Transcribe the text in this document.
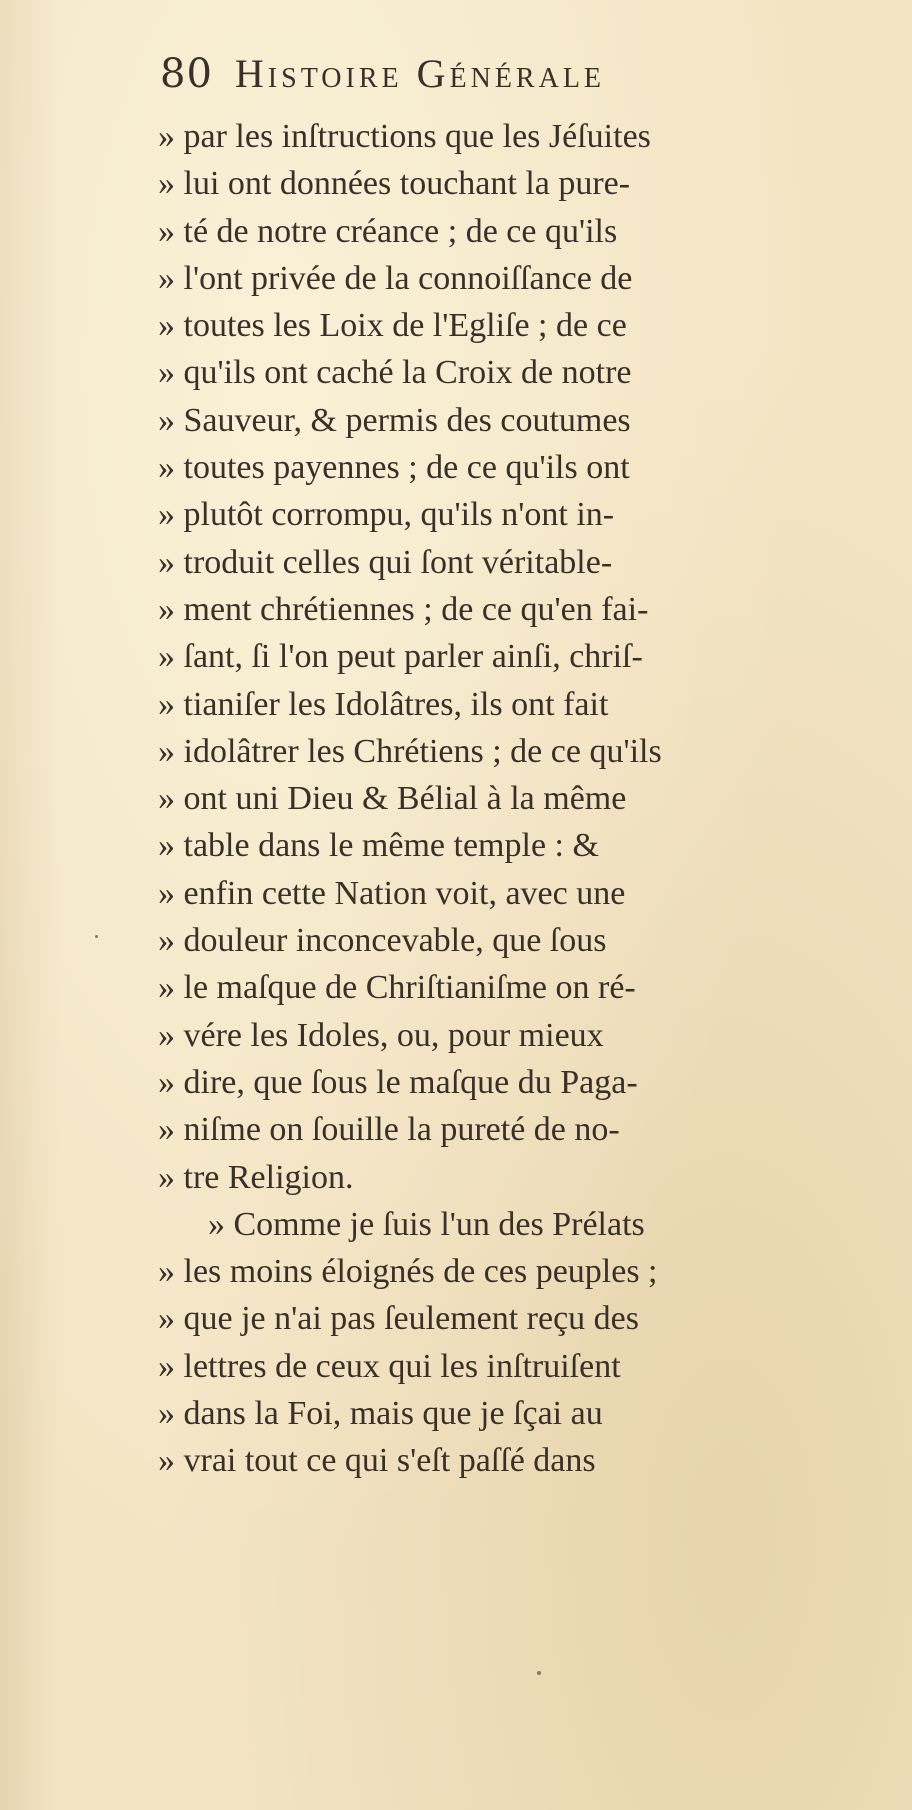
80 Histoire Générale
» par les inſtructions que les Jéſuites
» lui ont données touchant la pure-
» té de notre créance ; de ce qu'ils
» l'ont privée de la connoiſſance de
» toutes les Loix de l'Egliſe ; de ce
» qu'ils ont caché la Croix de notre
» Sauveur, & permis des coutumes
» toutes payennes ; de ce qu'ils ont
» plutôt corrompu, qu'ils n'ont in-
» troduit celles qui ſont véritable-
» ment chrétiennes ; de ce qu'en fai-
» ſant, ſi l'on peut parler ainſi, chriſ-
» tianiſer les Idolâtres, ils ont fait
» idolâtrer les Chrétiens ; de ce qu'ils
» ont uni Dieu & Bélial à la même
» table dans le même temple : &
» enfin cette Nation voit, avec une
» douleur inconcevable, que ſous
» le maſque de Chriſtianiſme on ré-
» vére les Idoles, ou, pour mieux
» dire, que ſous le maſque du Paga-
» niſme on ſouille la pureté de no-
» tre Religion.
» Comme je ſuis l'un des Prélats
» les moins éloignés de ces peuples ;
» que je n'ai pas ſeulement reçu des
» lettres de ceux qui les inſtruiſent
» dans la Foi, mais que je ſçai au
» vrai tout ce qui s'eſt paſſé dans
